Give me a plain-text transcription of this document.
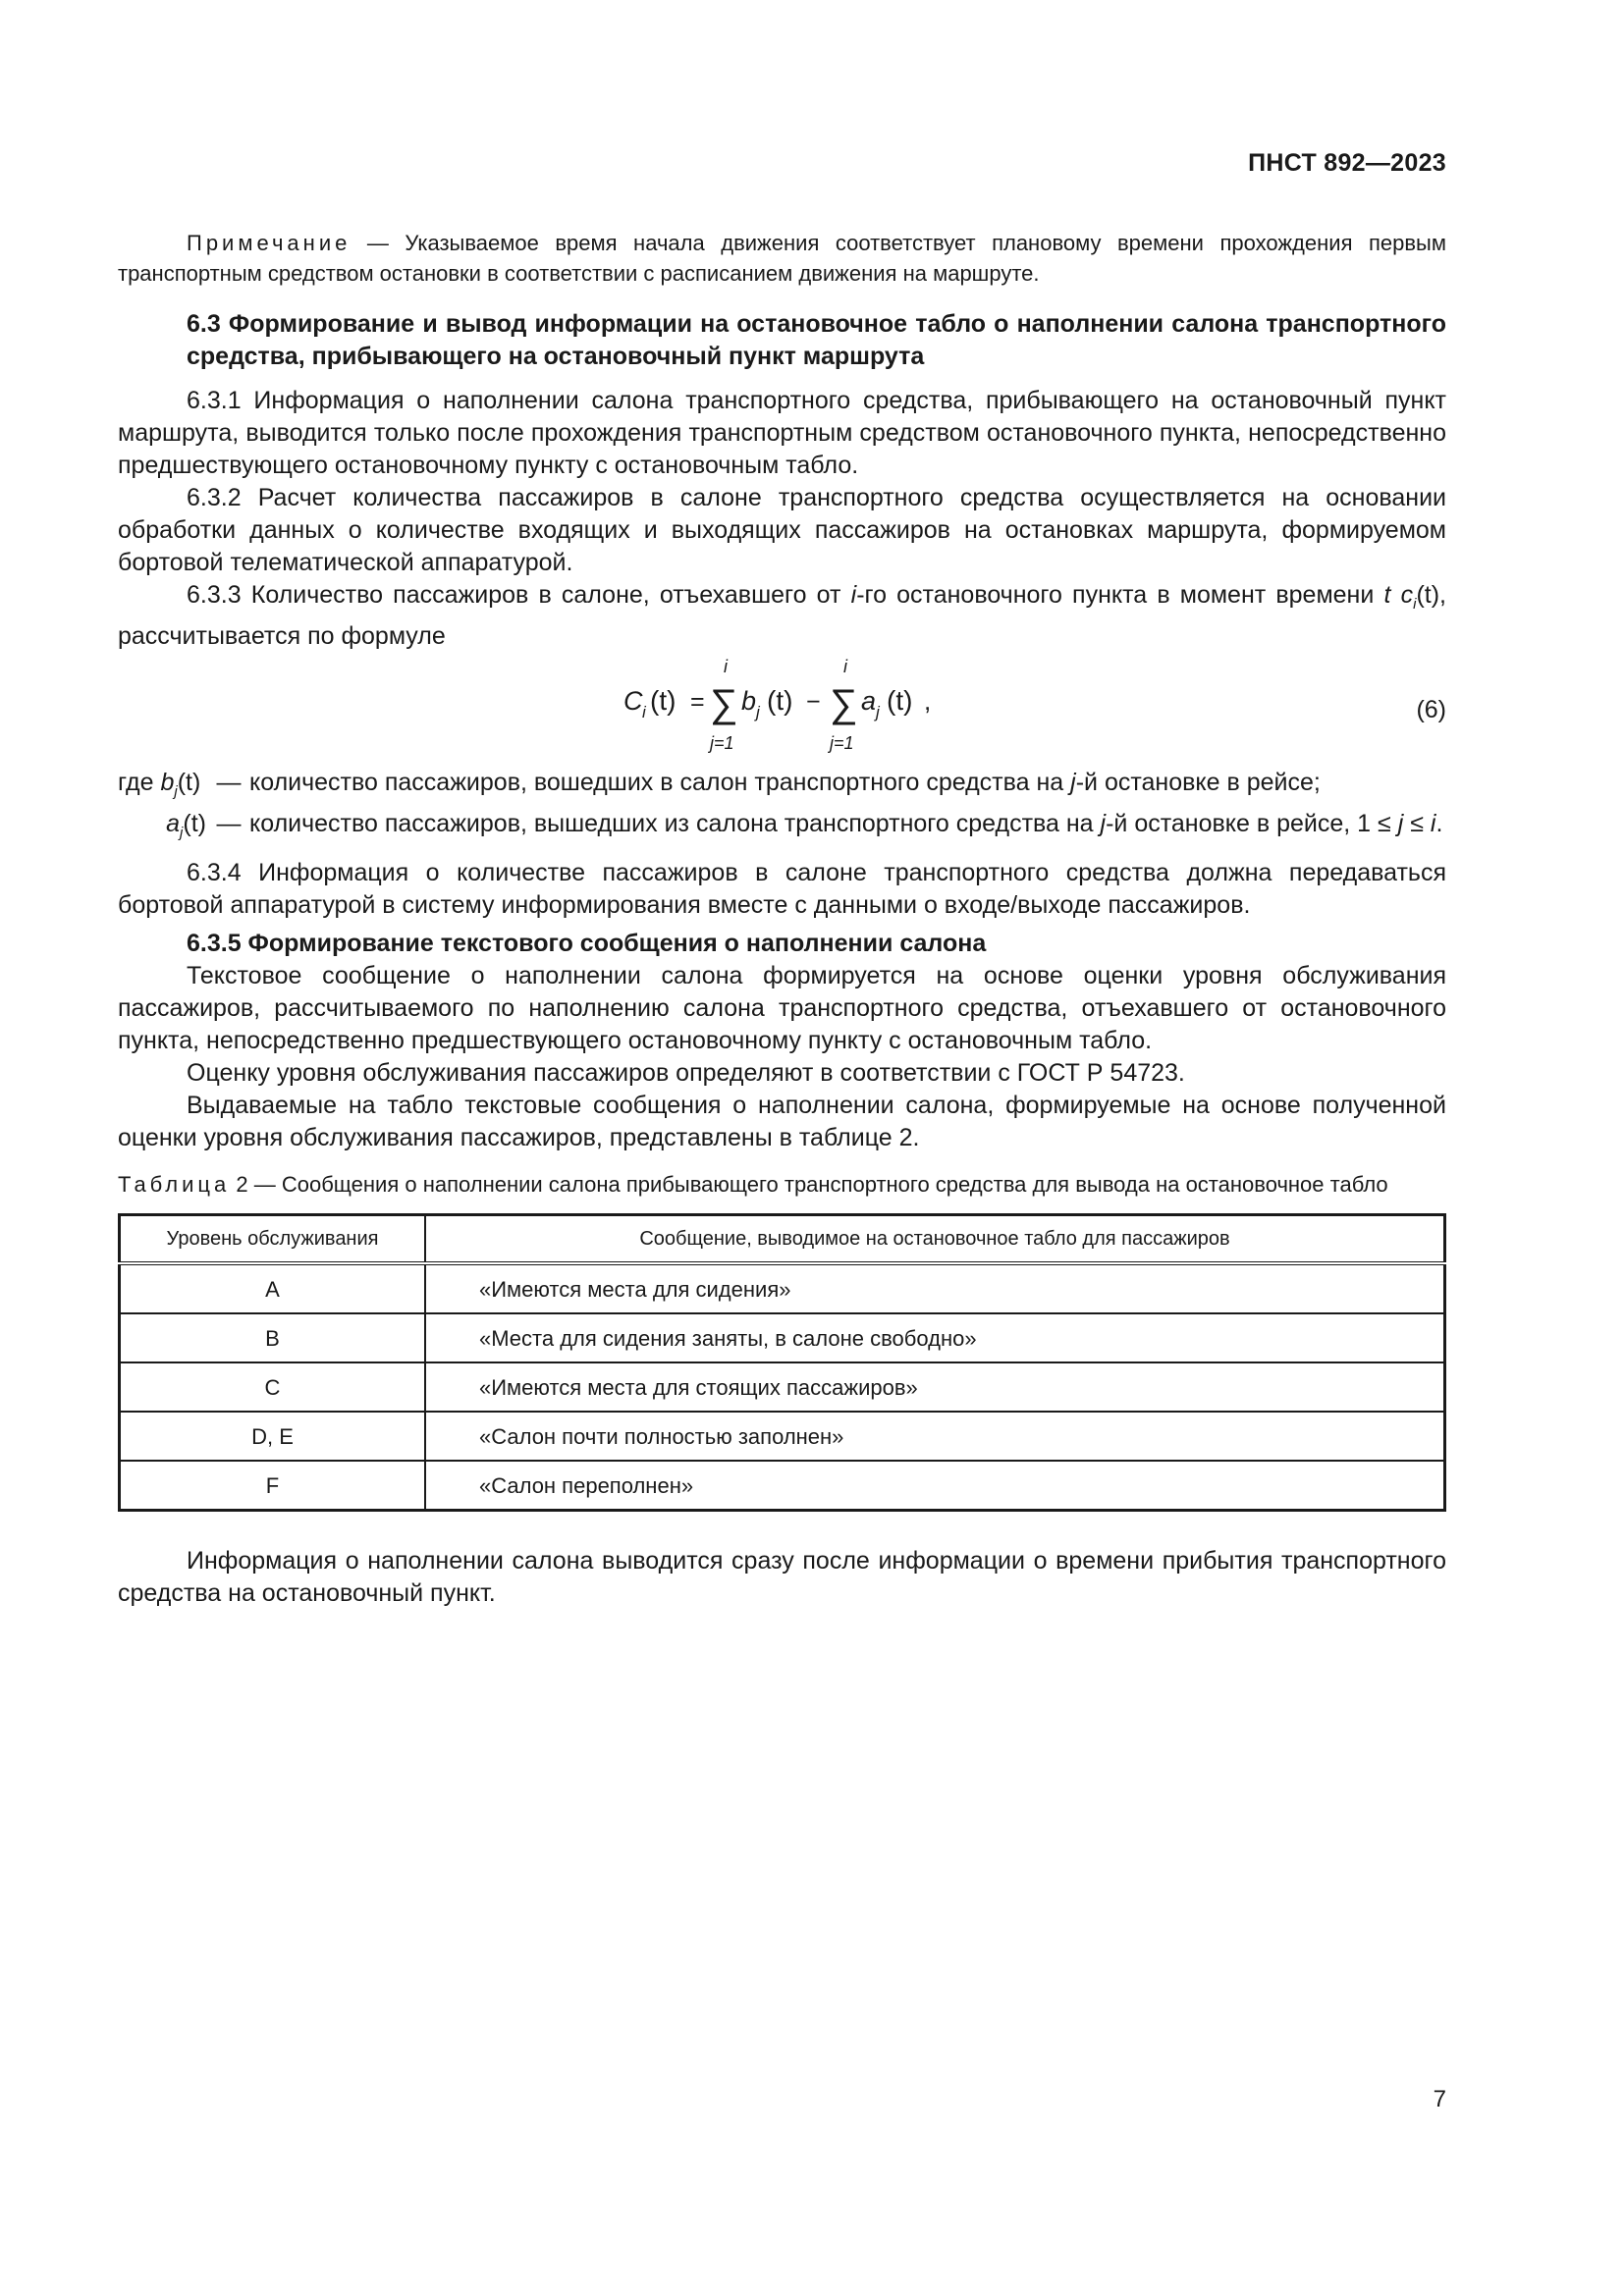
ПНСТ 892—2023

Примечание — Указываемое время начала движения соответствует плановому времени прохождения первым транспортным средством остановки в соответствии с расписанием движения на маршруте.

6.3 Формирование и вывод информации на остановочное табло о наполнении салона транспортного средства, прибывающего на остановочный пункт маршрута

6.3.1 Информация о наполнении салона транспортного средства, прибывающего на остановочный пункт маршрута, выводится только после прохождения транспортным средством остановочного пункта, непосредственно предшествующего остановочному пункту с остановочным табло.

6.3.2 Расчет количества пассажиров в салоне транспортного средства осуществляется на основании обработки данных о количестве входящих и выходящих пассажиров на остановках маршрута, формируемом бортовой телематической аппаратурой.

6.3.3 Количество пассажиров в салоне, отъехавшего от i-го остановочного пункта в момент времени t $c_i(t)$, рассчитывается по формуле

C i (t) =
i
∑
j=1
b j (t) −
i
∑
j=1
a j (t) ,	(6)
где $b_j(t)$ — количество пассажиров, вошедших в салон транспортного средства на j-й остановке в рейсе;
$a_j(t)$ — количество пассажиров, вышедших из салона транспортного средства на j-й остановке в рейсе, 1 ≤ j ≤ i.

6.3.4 Информация о количестве пассажиров в салоне транспортного средства должна передаваться бортовой аппаратурой в систему информирования вместе с данными о входе/выходе пассажиров.

6.3.5 Формирование текстового сообщения о наполнении салона

Текстовое сообщение о наполнении салона формируется на основе оценки уровня обслуживания пассажиров, рассчитываемого по наполнению салона транспортного средства, отъехавшего от остановочного пункта, непосредственно предшествующего остановочному пункту с остановочным табло.

Оценку уровня обслуживания пассажиров определяют в соответствии с ГОСТ Р 54723.

Выдаваемые на табло текстовые сообщения о наполнении салона, формируемые на основе полученной оценки уровня обслуживания пассажиров, представлены в таблице 2.

Таблица 2 — Сообщения о наполнении салона прибывающего транспортного средства для вывода на остановочное табло

Уровень обслуживания	Сообщение, выводимое на остановочное табло для пассажиров
А	«Имеются места для сидения»
В	«Места для сидения заняты, в салоне свободно»
С	«Имеются места для стоящих пассажиров»
D, Е	«Салон почти полностью заполнен»
F	«Салон переполнен»

Информация о наполнении салона выводится сразу после информации о времени прибытия транспортного средства на остановочный пункт.

7
